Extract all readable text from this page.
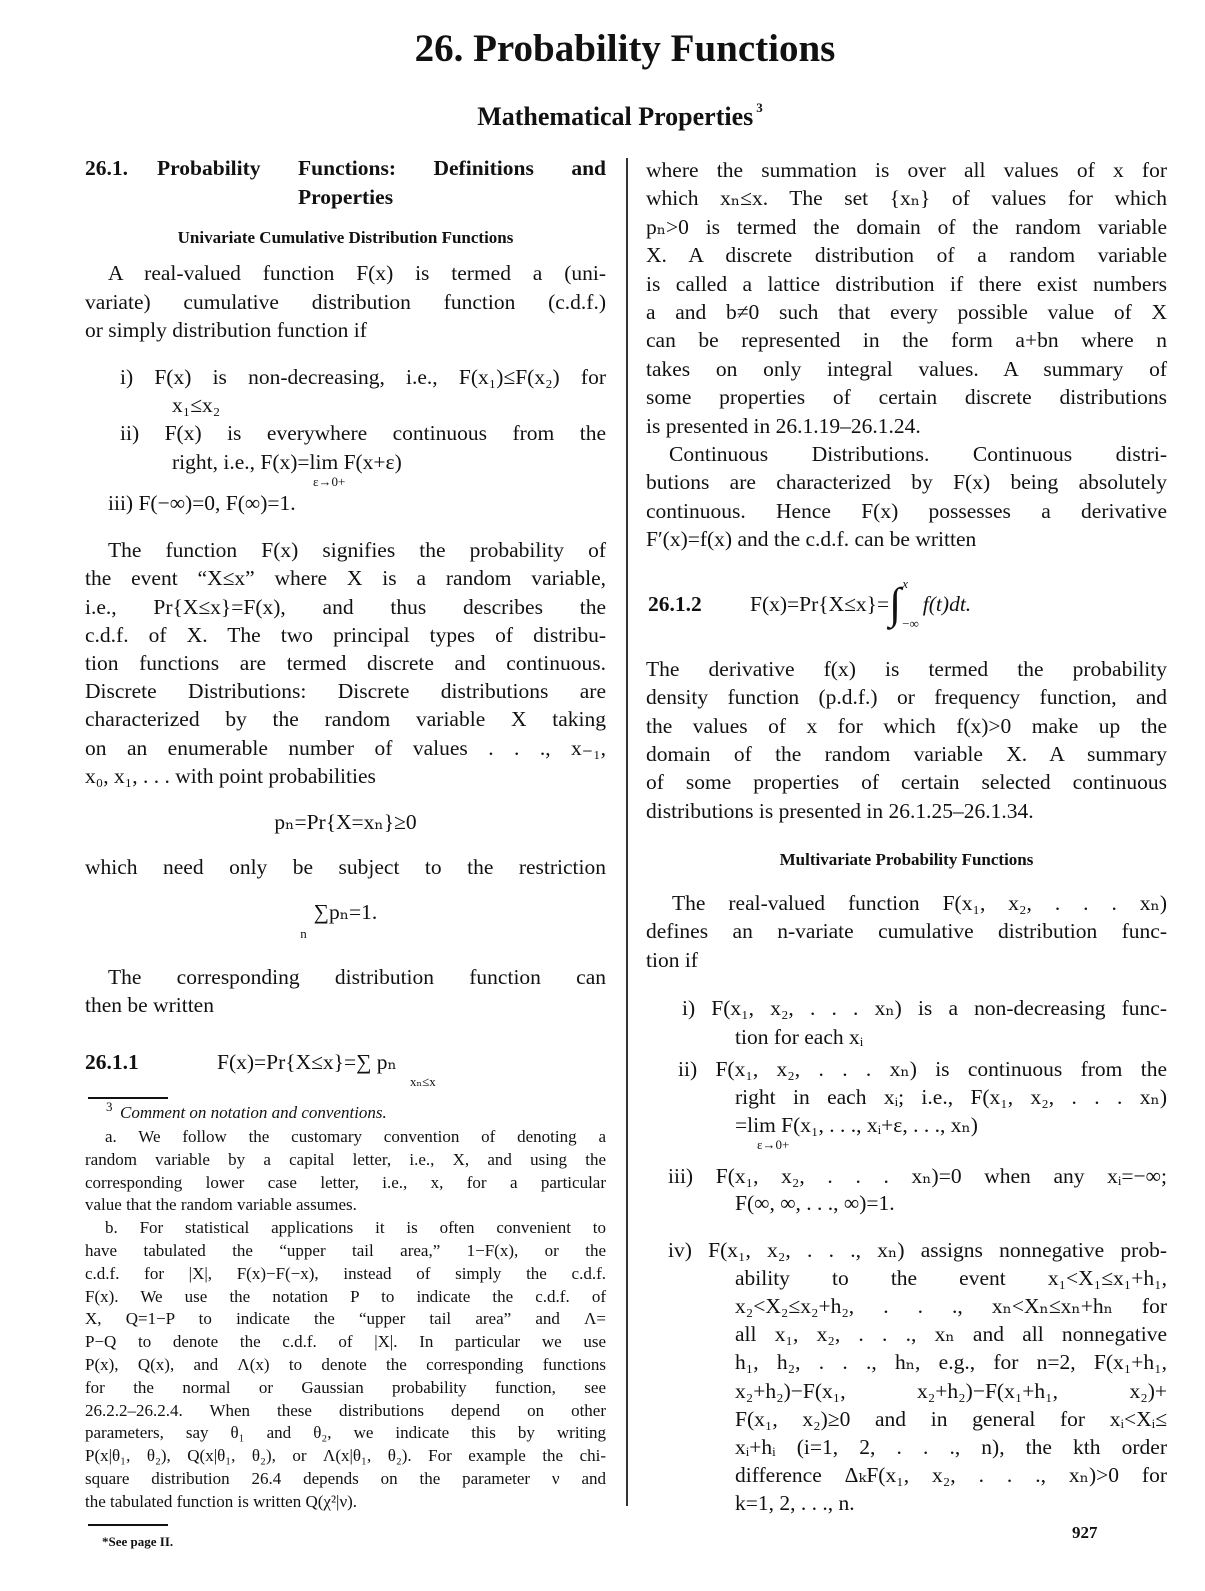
26. Probability Functions
Mathematical Properties $^3$
26.1.2	F(x)=Pr{X≤x}= ∫ x
−∞
f(t)dt.
26.1.	Probability Functions: Definitions and
Properties
Univariate Cumulative Distribution Functions
A real-valued function F(x) is termed a (uni-
variate) cumulative distribution function (c.d.f.)
or simply distribution function if
i) F(x) is non-decreasing, i.e., F(x₁)≤F(x₂) for
x₁≤x₂
ii) F(x) is everywhere continuous from the
right, i.e., F(x)=lim F(x+ε)
ε→0+
iii) F(−∞)=0, F(∞)=1.
The function F(x) signifies the probability of
the event “X≤x” where X is a random variable,
i.e., Pr{X≤x}=F(x), and thus describes the
c.d.f. of X. The two principal types of distribu-
tion functions are termed discrete and continuous.
Discrete Distributions: Discrete distributions are
characterized by the random variable X taking
on an enumerable number of values . . ., x₋₁,
x₀, x₁, . . . with point probabilities
pₙ=Pr{X=xₙ}≥0
which need only be subject to the restriction
∑pₙ=1.
n
The corresponding distribution function can
then be written
26.1.1	F(x)=Pr{X≤x}=∑ pₙ
xₙ≤x
3 Comment on notation and conventions.
a. We follow the customary convention of denoting a
random variable by a capital letter, i.e., X, and using the
corresponding lower case letter, i.e., x, for a particular
value that the random variable assumes.
b. For statistical applications it is often convenient to
have tabulated the “upper tail area,” 1−F(x), or the
c.d.f. for |X|, F(x)−F(−x), instead of simply the c.d.f.
F(x). We use the notation P to indicate the c.d.f. of
X, Q=1−P to indicate the “upper tail area” and Λ=
P−Q to denote the c.d.f. of |X|. In particular we use
P(x), Q(x), and Λ(x) to denote the corresponding functions
for the normal or Gaussian probability function, see
26.2.2–26.2.4. When these distributions depend on other
parameters, say θ₁ and θ₂, we indicate this by writing
P(x|θ₁, θ₂), Q(x|θ₁, θ₂), or Λ(x|θ₁, θ₂). For example the chi-
square distribution 26.4 depends on the parameter ν and
the tabulated function is written Q(χ²|ν).
*See page II.
where the summation is over all values of x for
which xₙ≤x. The set {xₙ} of values for which
pₙ>0 is termed the domain of the random variable
X. A discrete distribution of a random variable
is called a lattice distribution if there exist numbers
a and b≠0 such that every possible value of X
can be represented in the form a+bn where n
takes on only integral values. A summary of
some properties of certain discrete distributions
is presented in 26.1.19–26.1.24.
Continuous Distributions. Continuous distri-
butions are characterized by F(x) being absolutely
continuous. Hence F(x) possesses a derivative
F′(x)=f(x) and the c.d.f. can be written
The derivative f(x) is termed the probability
density function (p.d.f.) or frequency function, and
the values of x for which f(x)>0 make up the
domain of the random variable X. A summary
of some properties of certain selected continuous
distributions is presented in 26.1.25–26.1.34.
Multivariate Probability Functions
The real-valued function F(x₁, x₂, . . . xₙ)
defines an n-variate cumulative distribution func-
tion if
i) F(x₁, x₂, . . . xₙ) is a non-decreasing func-
tion for each xᵢ
ii) F(x₁, x₂, . . . xₙ) is continuous from the
right in each xᵢ; i.e., F(x₁, x₂, . . . xₙ)
=lim F(x₁, . . ., xᵢ+ε, . . ., xₙ)
ε→0+
iii) F(x₁, x₂, . . . xₙ)=0 when any xᵢ=−∞;
F(∞, ∞, . . ., ∞)=1.
iv) F(x₁, x₂, . . ., xₙ) assigns nonnegative prob-
ability to the event x₁<X₁≤x₁+h₁,
x₂<X₂≤x₂+h₂, . . ., xₙ<Xₙ≤xₙ+hₙ for
all x₁, x₂, . . ., xₙ and all nonnegative
h₁, h₂, . . ., hₙ, e.g., for n=2, F(x₁+h₁,
x₂+h₂)−F(x₁, x₂+h₂)−F(x₁+h₁, x₂)+
F(x₁, x₂)≥0 and in general for xᵢ<Xᵢ≤
xᵢ+hᵢ (i=1, 2, . . ., n), the kth order
difference ΔₖF(x₁, x₂, . . ., xₙ)>0 for
k=1, 2, . . ., n.
927
